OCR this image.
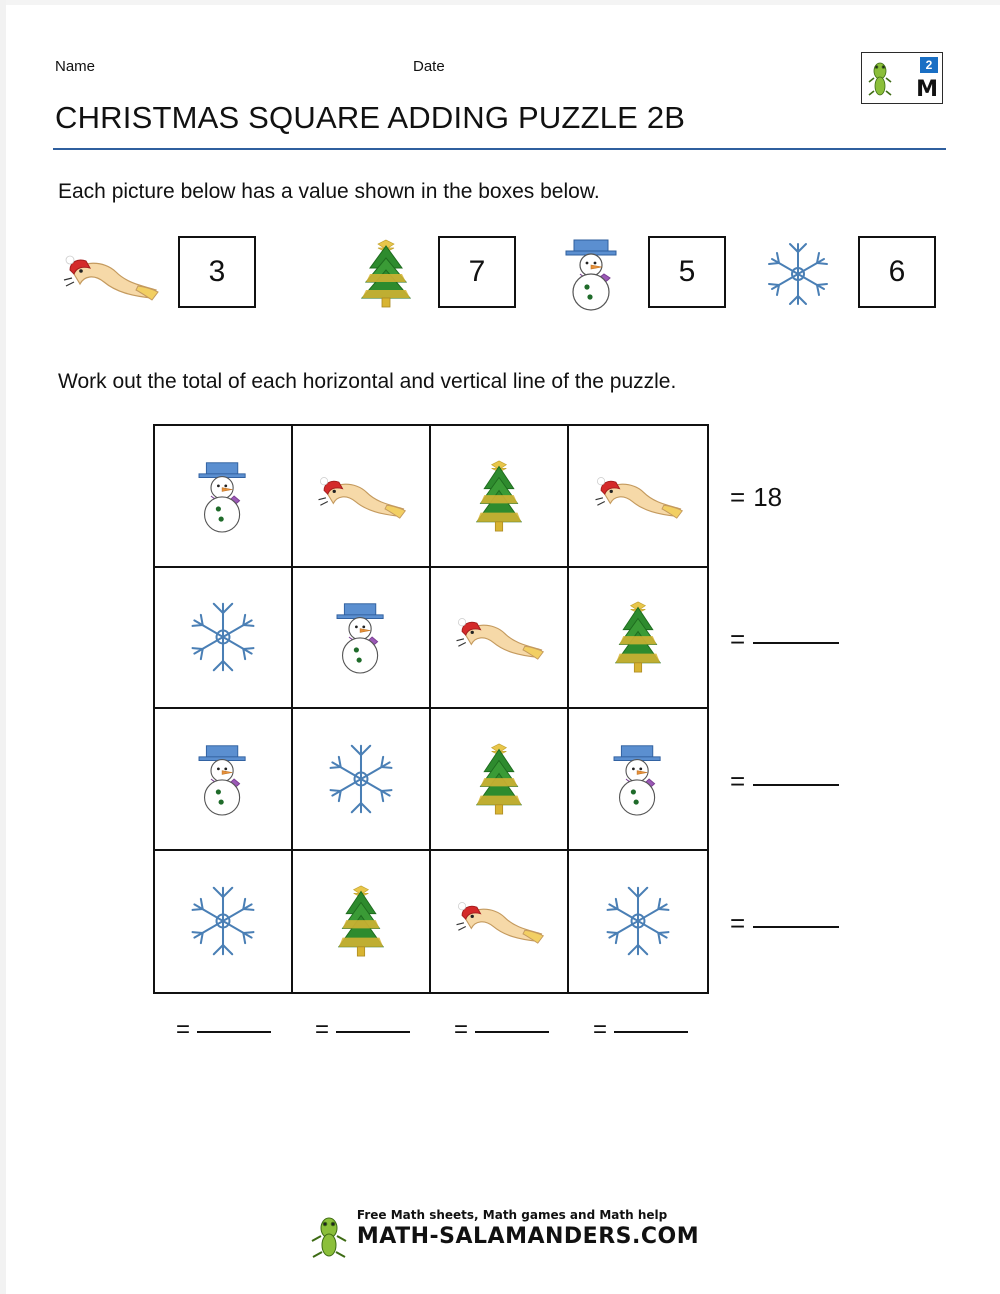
Name	Date	2
M
CHRISTMAS SQUARE ADDING PUZZLE 2B
Each picture below has a value shown in the boxes below.
3	7	5	6
Work out the total of each horizontal and vertical line of the puzzle.
= 18
=
=
=
=	=	=	=
Free Math sheets, Math games and Math help
MATH-SALAMANDERS.COM
